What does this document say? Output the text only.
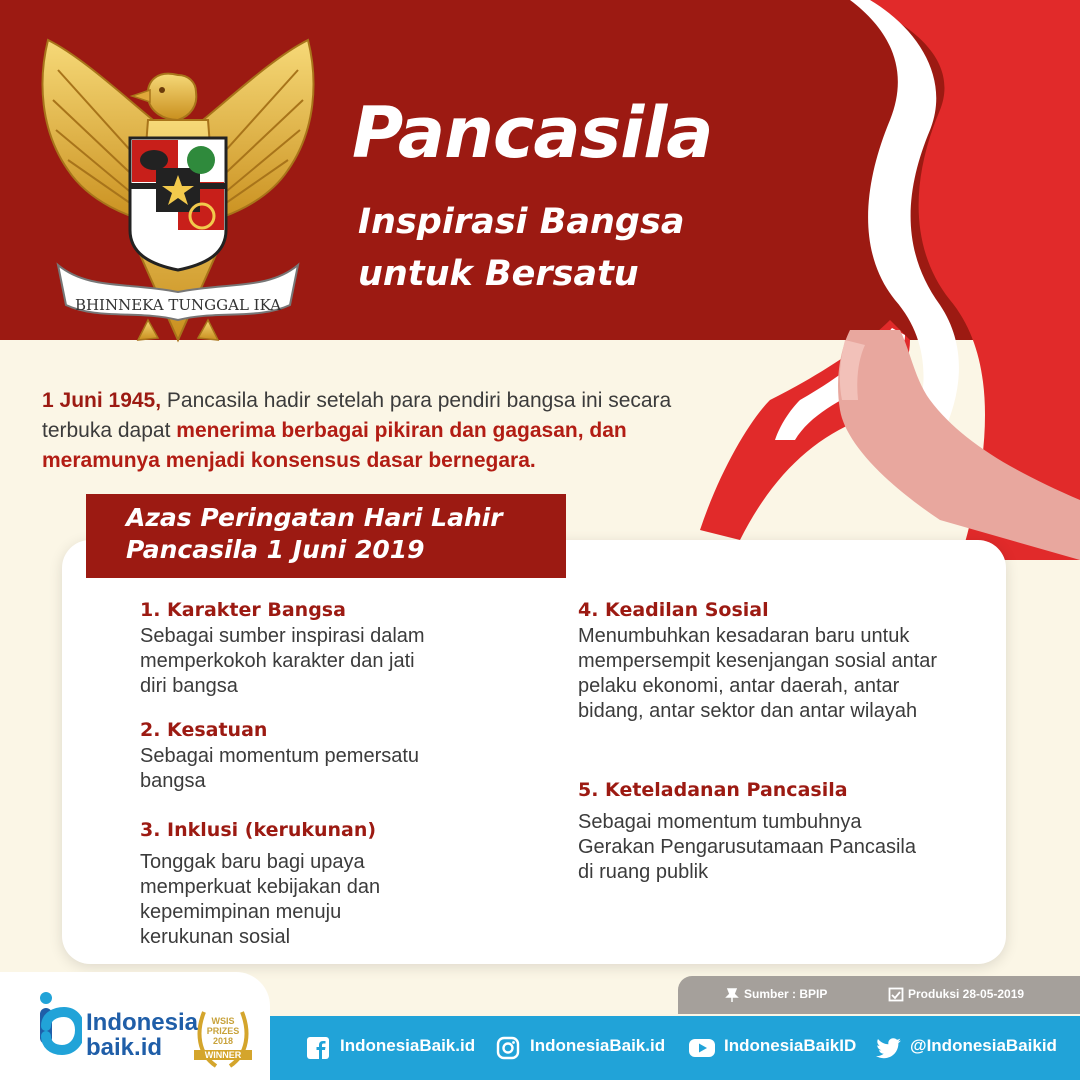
BHINNEKA TUNGGAL IKA
Pancasila
Inspirasi Bangsa
untuk Bersatu
1 Juni 1945, Pancasila hadir setelah para pendiri bangsa ini secara terbuka dapat menerima berbagai pikiran dan gagasan, dan meramunya menjadi konsensus dasar bernegara.
Azas Peringatan Hari Lahir
Pancasila 1 Juni 2019
1. Karakter Bangsa
Sebagai sumber inspirasi dalam memperkokoh karakter dan jati diri bangsa
2. Kesatuan
Sebagai momentum pemersatu bangsa
3. Inklusi (kerukunan)
Tonggak baru bagi upaya memperkuat kebijakan dan kepemimpinan menuju kerukunan sosial
4. Keadilan Sosial
Menumbuhkan kesadaran baru untuk mempersempit kesenjangan sosial antar pelaku ekonomi, antar daerah, antar bidang, antar sektor dan antar wilayah
5. Keteladanan Pancasila
Sebagai momentum tumbuhnya Gerakan Pengarusutamaan Pancasila di ruang publik
Indonesia
baik.id
WSIS
PRIZES
2018
WINNER
Sumber : BPIP	Produksi 28-05-2019
IndonesiaBaik.id	IndonesiaBaik.id	IndonesiaBaikID	@IndonesiaBaikid
